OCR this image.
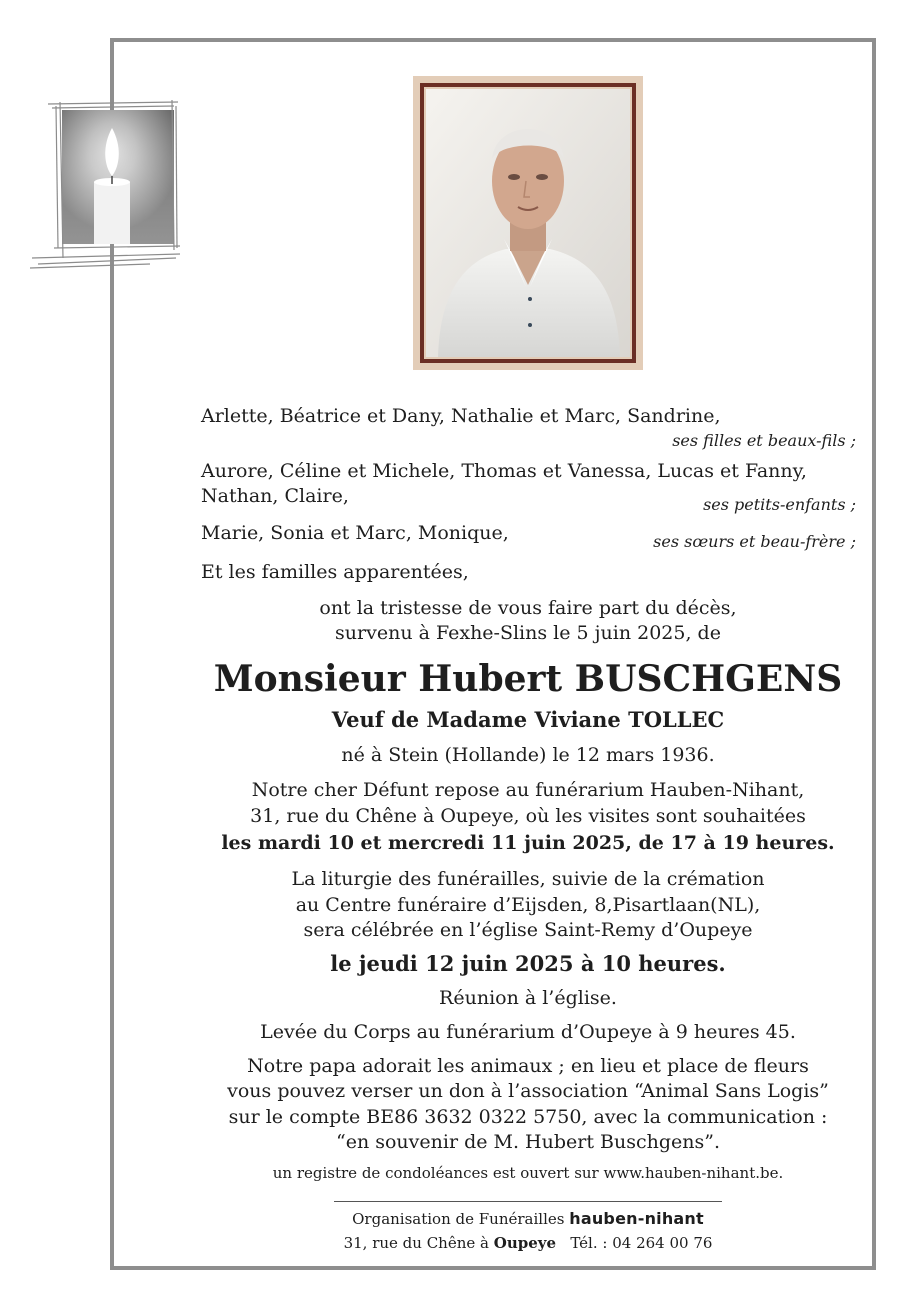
Arlette, Béatrice et Dany, Nathalie et Marc, Sandrine,
ses filles et beaux-fils ;
Aurore, Céline et Michele, Thomas et Vanessa, Lucas et Fanny,
Nathan, Claire,	ses petits-enfants ;
Marie, Sonia et Marc, Monique,	ses sœurs et beau-frère ;
Et les familles apparentées,
ont la tristesse de vous faire part du décès,
survenu à Fexhe-Slins le 5 juin 2025, de
Monsieur Hubert BUSCHGENS
Veuf de Madame Viviane TOLLEC
né à Stein (Hollande) le 12 mars 1936.
Notre cher Défunt repose au funérarium Hauben-Nihant,
31, rue du Chêne à Oupeye, où les visites sont souhaitées
les mardi 10 et mercredi 11 juin 2025, de 17 à 19 heures.
La liturgie des funérailles, suivie de la crémation
au Centre funéraire d’Eijsden, 8,Pisartlaan(NL),
sera célébrée en l’église Saint-Remy d’Oupeye
le jeudi 12 juin 2025 à 10 heures.
Réunion à l’église.
Levée du Corps au funérarium d’Oupeye à 9 heures 45.
Notre papa adorait les animaux ; en lieu et place de fleurs
vous pouvez verser un don à l’association “Animal Sans Logis”
sur le compte BE86 3632 0322 5750, avec la communication :
“en souvenir de M. Hubert Buschgens”.
un registre de condoléances est ouvert sur www.hauben-nihant.be.
Organisation de Funérailles hauben-nihant
31, rue du Chêne à Oupeye Tél. : 04 264 00 76
